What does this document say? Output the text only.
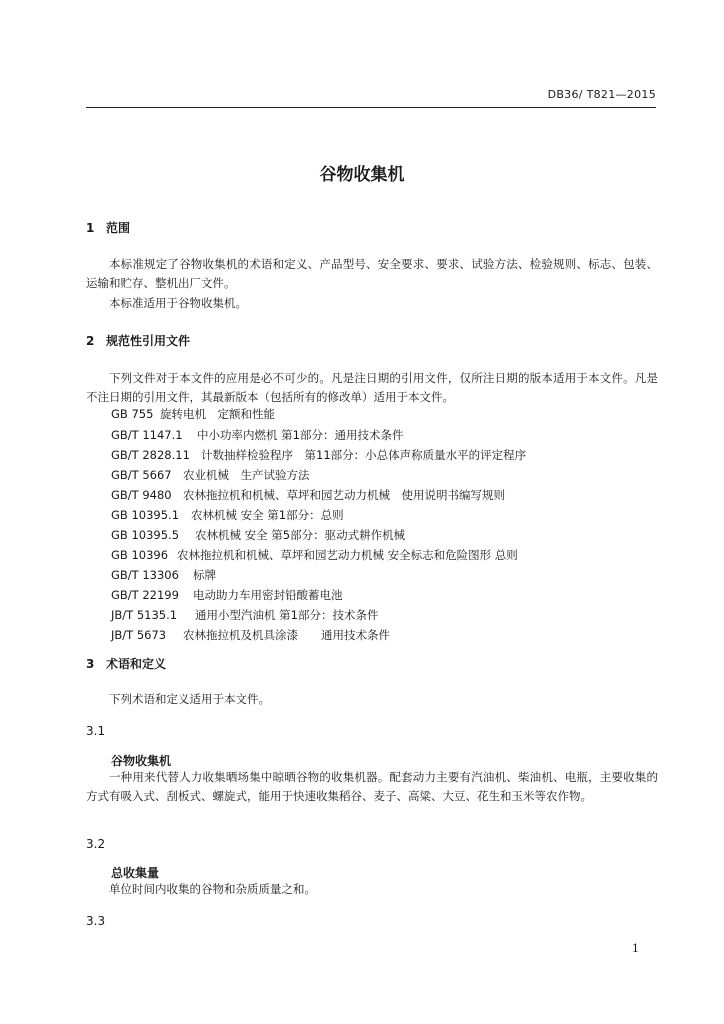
DB36/ T821—2015
谷物收集机
1 范围
本标准规定了谷物收集机的术语和定义、产品型号、安全要求、要求、试验方法、检验规则、标志、包装、运输和贮存、整机出厂文件。
本标准适用于谷物收集机。
2 规范性引用文件
下列文件对于本文件的应用是必不可少的。凡是注日期的引用文件，仅所注日期的版本适用于本文件。凡是不注日期的引用文件，其最新版本（包括所有的修改单）适用于本文件。
GB 755 旋转电机　定额和性能
GB/T 1147.1 中小功率内燃机 第1部分：通用技术条件
GB/T 2828.11 计数抽样检验程序　第11部分：小总体声称质量水平的评定程序
GB/T 5667 农业机械　生产试验方法
GB/T 9480 农林拖拉机和机械、草坪和园艺动力机械　使用说明书编写规则
GB 10395.1 农林机械 安全 第1部分：总则
GB 10395.5 农林机械 安全 第5部分：驱动式耕作机械
GB 10396 农林拖拉机和机械、草坪和园艺动力机械 安全标志和危险图形 总则
GB/T 13306 标牌
GB/T 22199 电动助力车用密封铅酸蓄电池
JB/T 5135.1 通用小型汽油机 第1部分：技术条件
JB/T 5673 农林拖拉机及机具涂漆　　通用技术条件
3 术语和定义
下列术语和定义适用于本文件。
3.1
谷物收集机
一种用来代替人力收集晒场集中晾晒谷物的收集机器。配套动力主要有汽油机、柴油机、电瓶，主要收集的方式有吸入式、刮板式、螺旋式，能用于快速收集稻谷、麦子、高粱、大豆、花生和玉米等农作物。
3.2
总收集量
单位时间内收集的谷物和杂质质量之和。
3.3
1
